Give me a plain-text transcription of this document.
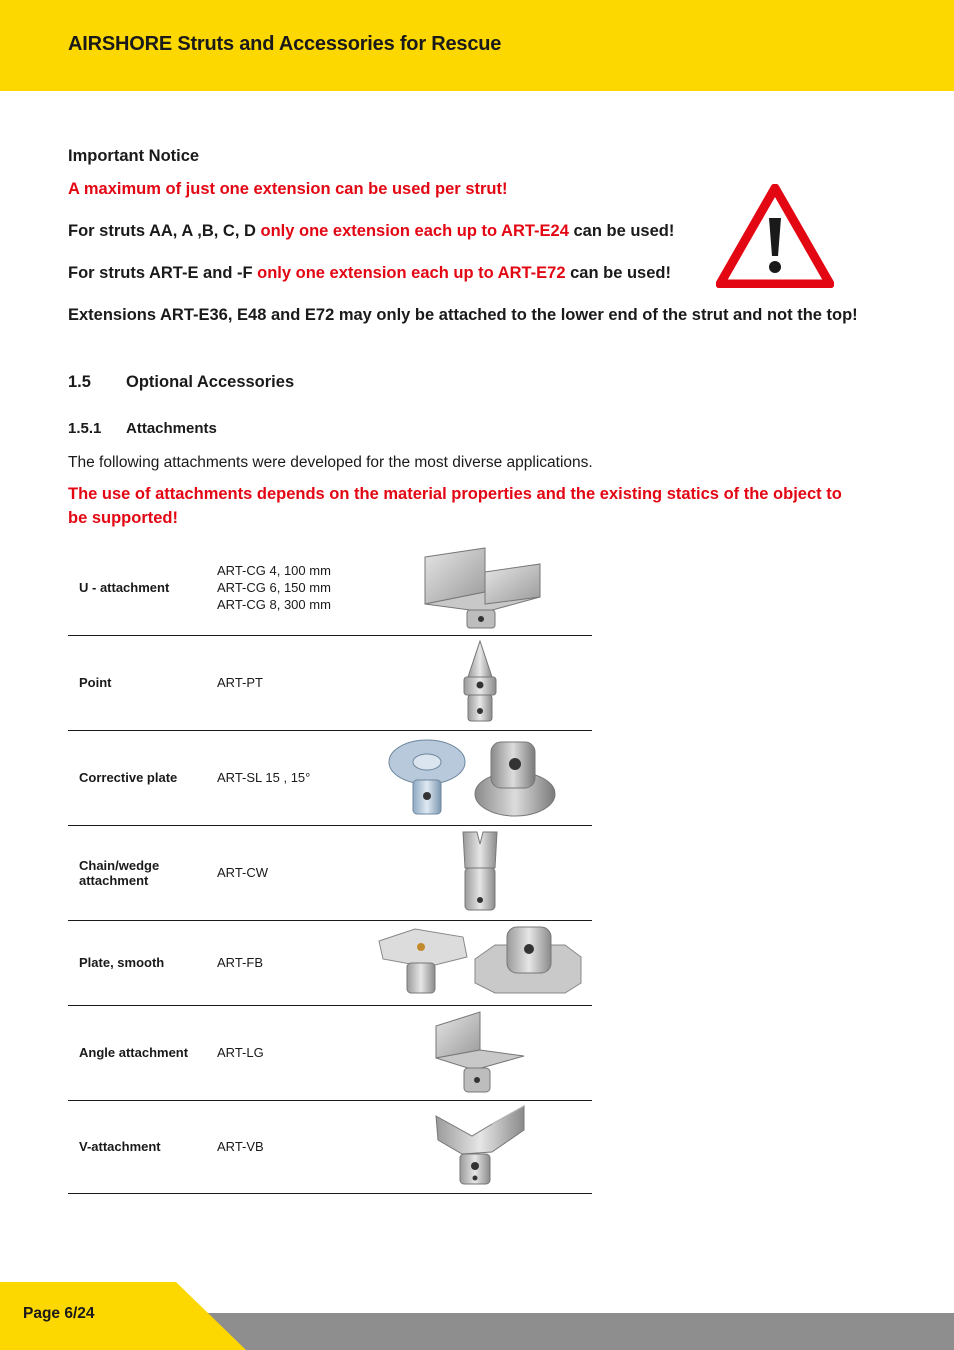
AIRSHORE Struts and Accessories for Rescue

Important Notice

A maximum of just one extension can be used per strut!

For struts AA, A ,B, C, D only one extension each up to ART-E24 can be used!

For struts ART-E and -F only one extension each up to ART-E72 can be used!

Extensions ART-E36, E48 and E72 may only be attached to the lower end of the strut and not the top!

1.5 Optional Accessories
1.5.1 Attachments
The following attachments were developed for the most diverse applications.

The use of attachments depends on the material properties and the existing statics of the object to be supported!

U - attachment	ART-CG 4, 100 mm
ART-CG 6, 150 mm
ART-CG 8, 300 mm

Point	ART-PT

Corrective plate	ART-SL 15 , 15°

Chain/wedge attachment	ART-CW

Plate, smooth	ART-FB

Angle attachment	ART-LG

V-attachment	ART-VB

Page 6/24
